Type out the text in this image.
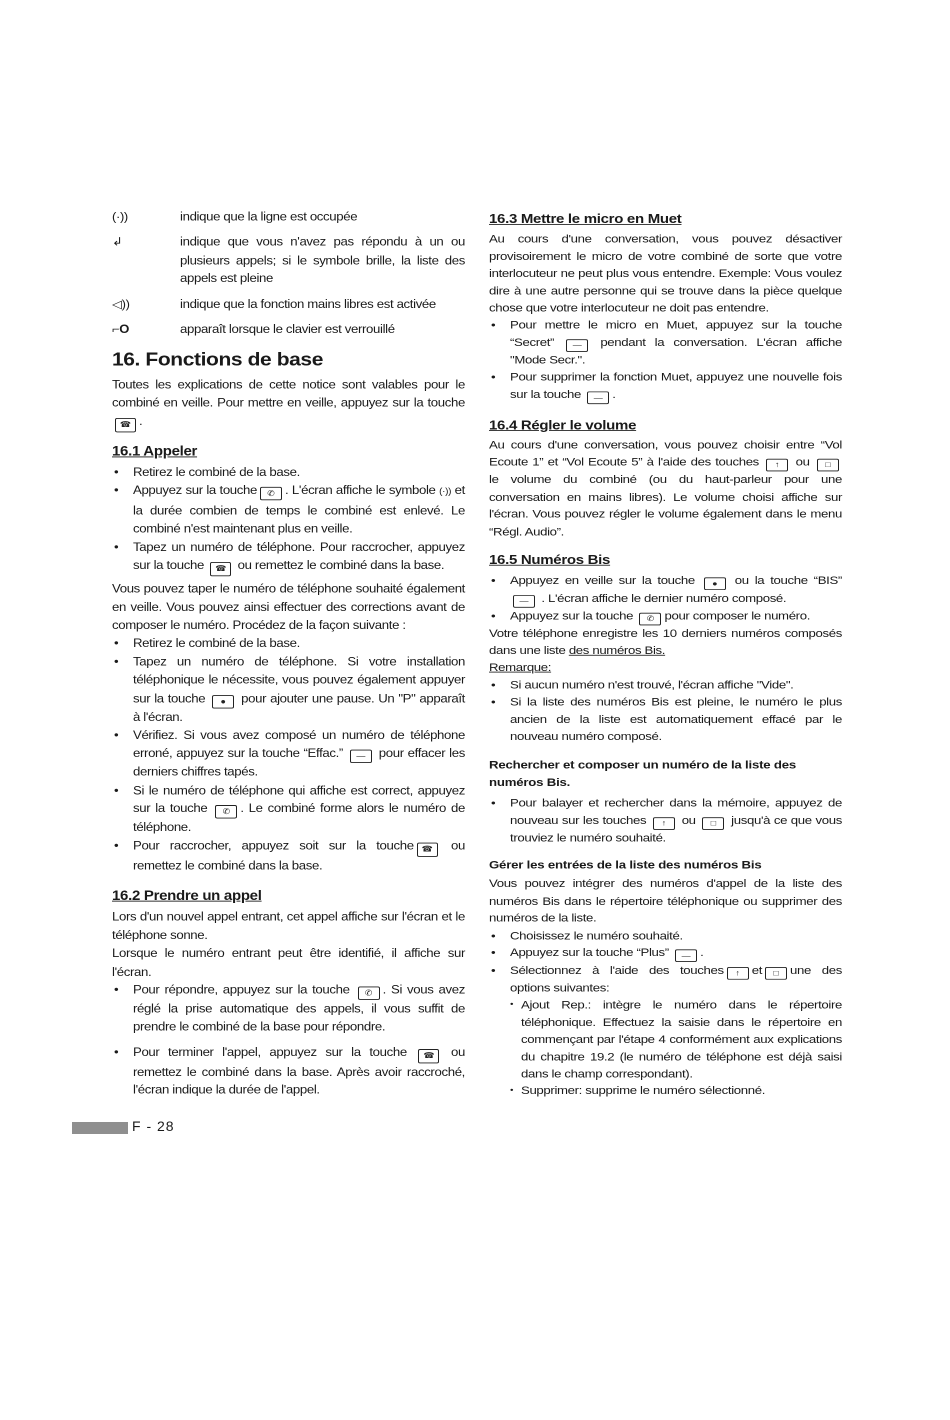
(·))	indique que la ligne est occupée
↲	indique que vous n'avez pas répondu à un ou plusieurs appels; si le symbole brille, la liste des appels est pleine
◁))	indique que la fonction mains libres est activée
⌐O	apparaît lorsque le clavier est verrouillé
16. Fonctions de base

Toutes les explications de cette notice sont valables pour le combiné en veille. Pour mettre en veille, appuyez sur la touche ☎ .

16.1 Appeler
• Retirez le combiné de la base.
• Appuyez sur la touche ✆ . L'écran affiche le symbole (·)) et la durée combien de temps le combiné est enlevé. Le combiné n'est maintenant plus en veille.
• Tapez un numéro de téléphone. Pour raccrocher, appuyez sur la touche ☎ ou remettez le combiné dans la base.

Vous pouvez taper le numéro de téléphone souhaité également en veille. Vous pouvez ainsi effectuer des corrections avant de composer le numéro. Procédez de la façon suivante :

• Retirez le combiné de la base.
• Tapez un numéro de téléphone. Si votre installation téléphonique le nécessite, vous pouvez également appuyer sur la touche ● pour ajouter une pause. Un "P" apparaît à l'écran.
• Vérifiez. Si vous avez composé un numéro de téléphone erroné, appuyez sur la touche “Effac.” — pour effacer les derniers chiffres tapés.
• Si le numéro de téléphone qui affiche est correct, appuyez sur la touche ✆ . Le combiné forme alors le numéro de téléphone.
• Pour raccrocher, appuyez soit sur la touche ☎ ou remettez le combiné dans la base.
16.2 Prendre un appel

Lors d'un nouvel appel entrant, cet appel affiche sur l'écran et le téléphone sonne.

Lorsque le numéro entrant peut être identifié, il affiche sur l'écran.

• Pour répondre, appuyez sur la touche ✆ . Si vous avez réglé la prise automatique des appels, il vous suffit de prendre le combiné de la base pour répondre.
• Pour terminer l'appel, appuyez sur la touche ☎ ou remettez le combiné dans la base. Après avoir raccroché, l'écran indique la durée de l'appel.
16.3 Mettre le micro en Muet

Au cours d'une conversation, vous pouvez désactiver provisoirement le micro de votre combiné de sorte que votre interlocuteur ne peut plus vous entendre. Exemple: Vous voulez dire à une autre personne qui se trouve dans la pièce quelque chose que votre interlocuteur ne doit pas entendre.

• Pour mettre le micro en Muet, appuyez sur la touche “Secret” — pendant la conversation. L'écran affiche "Mode Secr.".
• Pour supprimer la fonction Muet, appuyez une nouvelle fois sur la touche — .
16.4 Régler le volume

Au cours d'une conversation, vous pouvez choisir entre “Vol Ecoute 1” et “Vol Ecoute 5” à l'aide des touches ↑ ou □ le volume du combiné (ou du haut-parleur pour une conversation en mains libres). Le volume choisi affiche sur l'écran. Vous pouvez régler le volume également dans le menu “Régl. Audio”.

16.5 Numéros Bis
• Appuyez en veille sur la touche ● ou la touche “BIS” — . L'écran affiche le dernier numéro composé.
• Appuyez sur la touche ✆ pour composer le numéro.

Votre téléphone enregistre les 10 derniers numéros composés dans une liste des numéros Bis.

Remarque:

• Si aucun numéro n'est trouvé, l'écran affiche "Vide".
• Si la liste des numéros Bis est pleine, le numéro le plus ancien de la liste est automatiquement effacé par le nouveau numéro composé.
Rechercher et composer un numéro de la liste des numéros Bis.
• Pour balayer et rechercher dans la mémoire, appuyez de nouveau sur les touches ↑ ou □ jusqu'à ce que vous trouviez le numéro souhaité.
Gérer les entrées de la liste des numéros Bis

Vous pouvez intégrer des numéros d'appel de la liste des numéros Bis dans le répertoire téléphonique ou supprimer des numéros de la liste.

• Choisissez le numéro souhaité.
• Appuyez sur la touche “Plus” — .
• Sélectionnez à l'aide des touches ↑ et □ une des options suivantes:
• Ajout Rep.: intègre le numéro dans le répertoire téléphonique. Effectuez la saisie dans le répertoire en commençant par l'étape 4 conformément aux explications du chapitre 19.2 (le numéro de téléphone est déjà saisi dans le champ correspondant).
• Supprimer: supprime le numéro sélectionné.
F - 28
